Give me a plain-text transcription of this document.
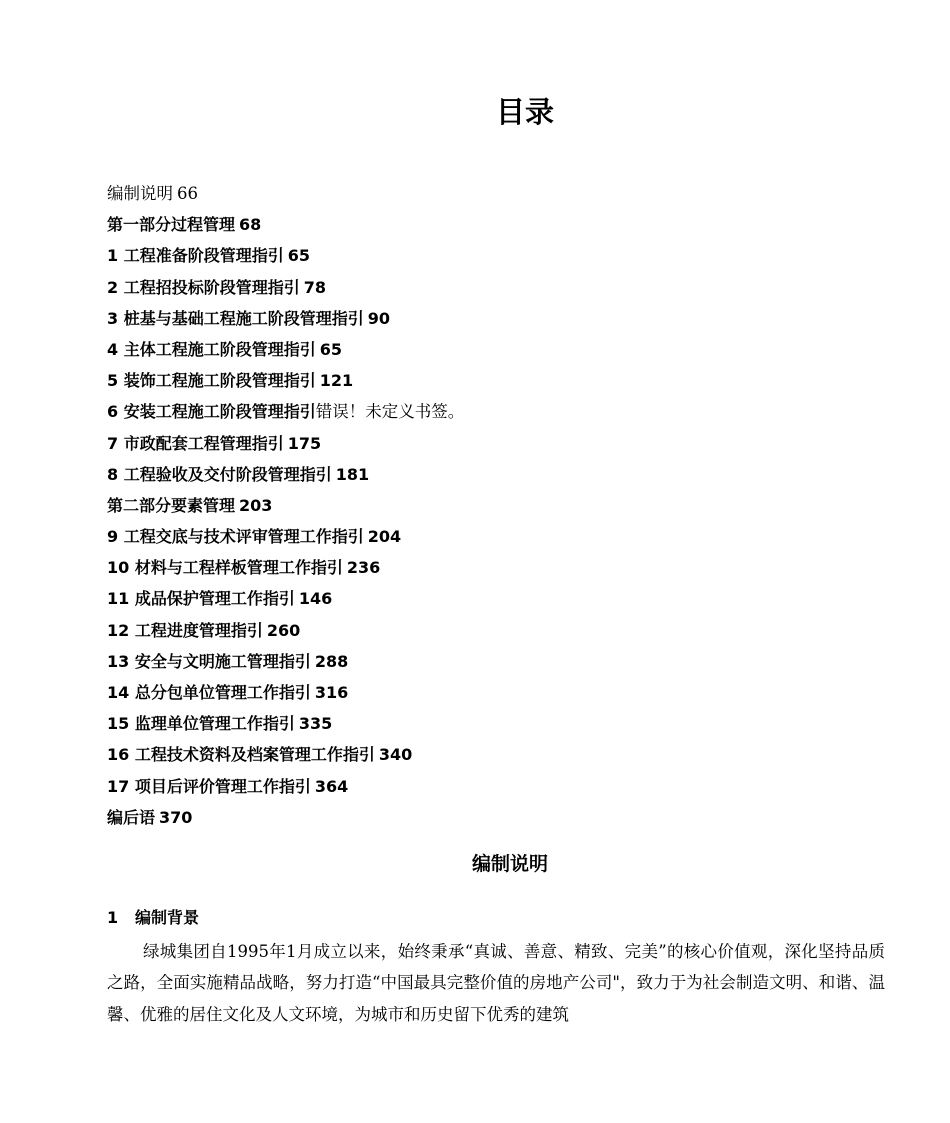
目录
编制说明 66
第一部分过程管理 68
1 工程准备阶段管理指引 65
2 工程招投标阶段管理指引 78
3 桩基与基础工程施工阶段管理指引 90
4 主体工程施工阶段管理指引 65
5 装饰工程施工阶段管理指引 121
6 安装工程施工阶段管理指引错误！未定义书签。
7 市政配套工程管理指引 175
8 工程验收及交付阶段管理指引 181
第二部分要素管理 203
9 工程交底与技术评审管理工作指引 204
10 材料与工程样板管理工作指引 236
11 成品保护管理工作指引 146
12 工程进度管理指引 260
13 安全与文明施工管理指引 288
14 总分包单位管理工作指引 316
15 监理单位管理工作指引 335
16 工程技术资料及档案管理工作指引 340
17 项目后评价管理工作指引 364
编后语 370
编制说明
1 编制背景

绿城集团自1995年1月成立以来，始终秉承“真诚、善意、精致、完美”的核心价值观，深化坚持品质之路，全面实施精品战略，努力打造“中国最具完整价值的房地产公司"，致力于为社会制造文明、和谐、温馨、优雅的居住文化及人文环境，为城市和历史留下优秀的建筑
